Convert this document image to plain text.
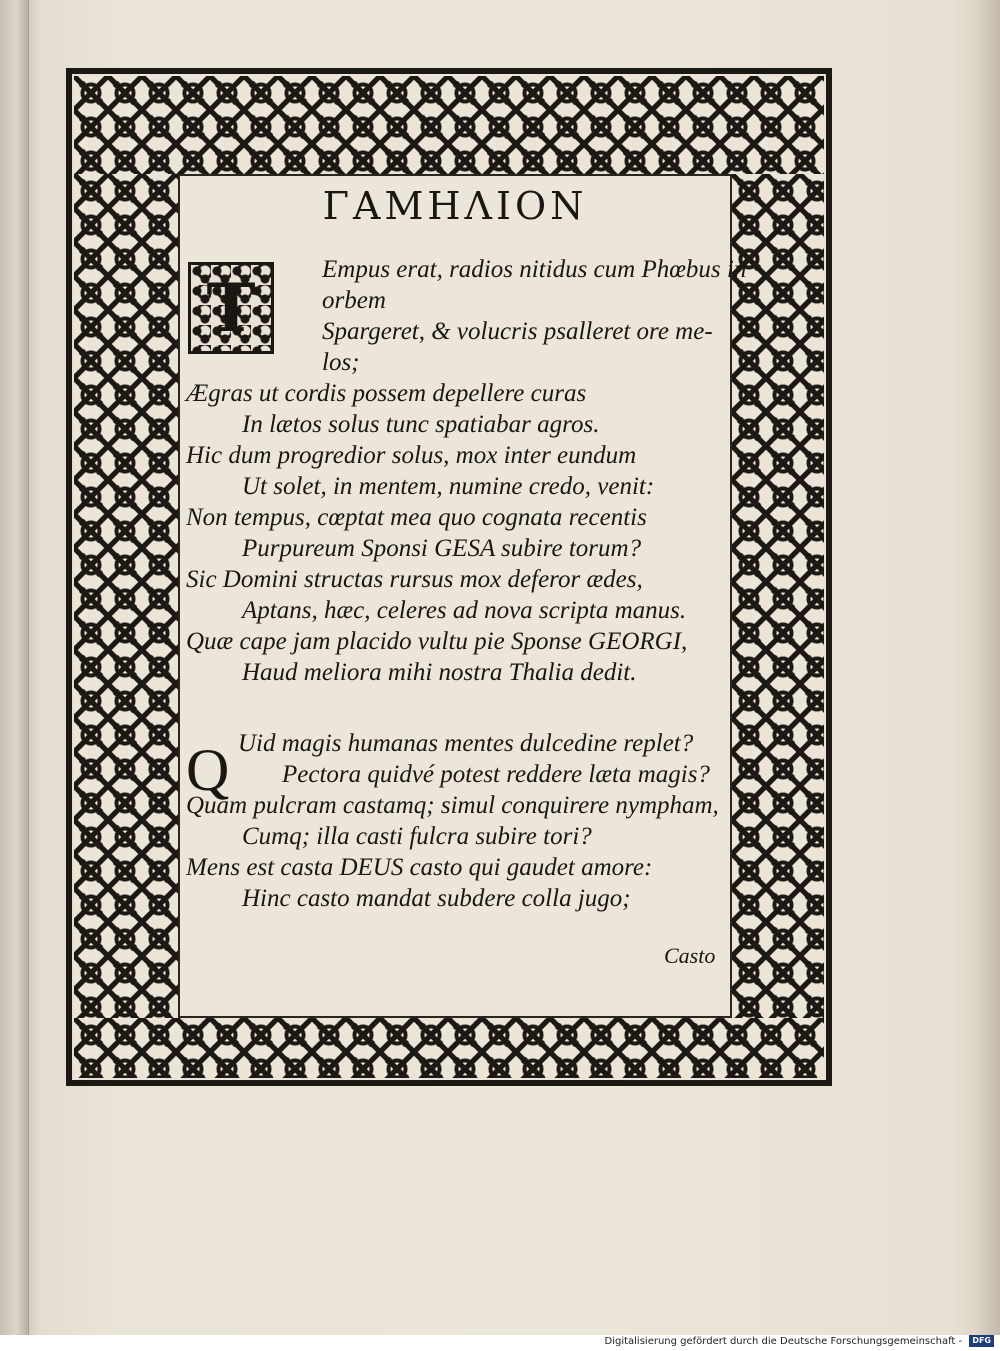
ΓΑΜΗΛΙΟΝ
T	Empus erat, radios nitidus cum Phœbus in
orbem
Spargeret, & volucris psalleret ore me-
los;
Ægras ut cordis possem depellere curas
In lætos solus tunc spatiabar agros.
Hic dum progredior solus, mox inter eundum
Ut solet, in mentem, numine credo, venit:
Non tempus, cœptat mea quo cognata recentis
Purpureum Sponsi GESA subire torum?
Sic Domini structas rursus mox deferor ædes,
Aptans, hæc, celeres ad nova scripta manus.
Quæ cape jam placido vultu pie Sponse GEORGI,
Haud meliora mihi nostra Thalia dedit.
Uid magis humanas mentes dulcedine replet?
Pectora quidvé potest reddere læta magis?
Quam pulcram castamq; simul conquirere nympham,
Cumq; illa casti fulcra subire tori?
Mens est casta DEUS casto qui gaudet amore:
Hinc casto mandat subdere colla jugo;
Q
Casto
Digitalisierung gefördert durch die Deutsche Forschungsgemeinschaft - DFG
